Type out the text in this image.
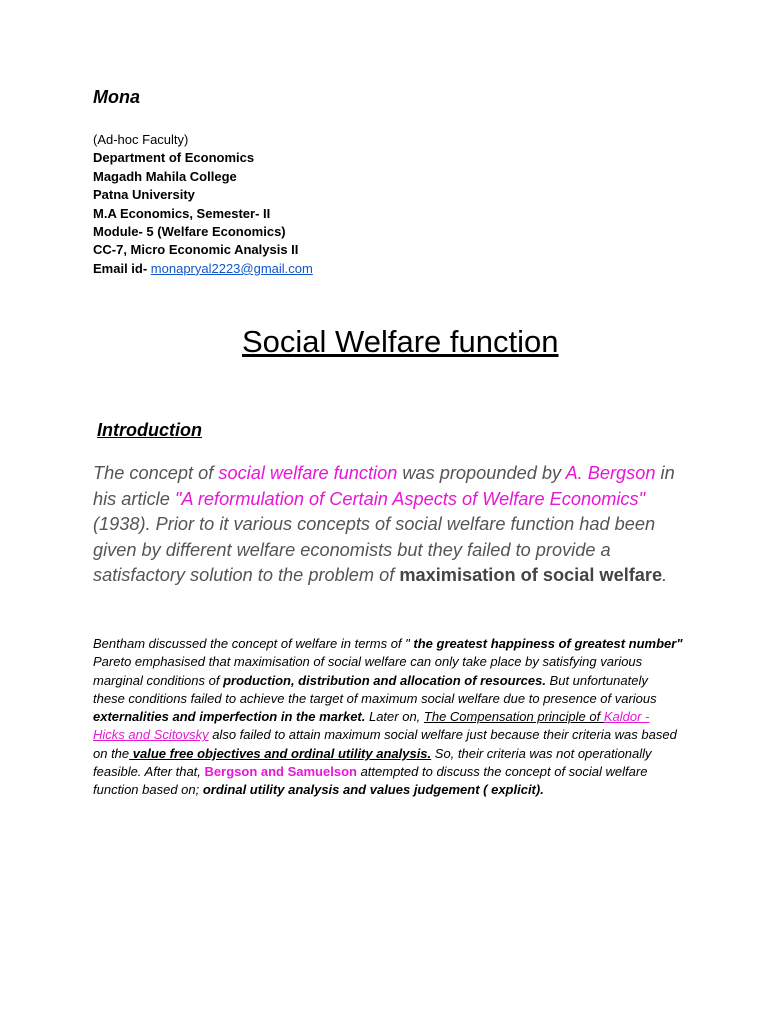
Mona
(Ad-hoc Faculty)
Department of Economics
Magadh Mahila College
Patna University
M.A Economics, Semester- II
Module- 5 (Welfare Economics)
CC-7, Micro Economic Analysis II
Email id- monapryal2223@gmail.com
Social Welfare function
Introduction
The concept of social welfare function was propounded by A. Bergson in his article "A reformulation of Certain Aspects of Welfare Economics" (1938). Prior to it various concepts of social welfare function had been given by different welfare economists but they failed to provide a satisfactory solution to the problem of maximisation of social welfare.
Bentham discussed the concept of welfare in terms of " the greatest happiness of greatest number"
Pareto emphasised that maximisation of social welfare can only take place by satisfying various marginal conditions of production, distribution and allocation of resources. But unfortunately these conditions failed to achieve the target of maximum social welfare due to presence of various externalities and imperfection in the market. Later on, The Compensation principle of Kaldor - Hicks and Scitovsky also failed to attain maximum social welfare just because their criteria was based on the value free objectives and ordinal utility analysis. So, their criteria was not operationally feasible. After that, Bergson and Samuelson attempted to discuss the concept of social welfare function based on; ordinal utility analysis and values judgement ( explicit).
